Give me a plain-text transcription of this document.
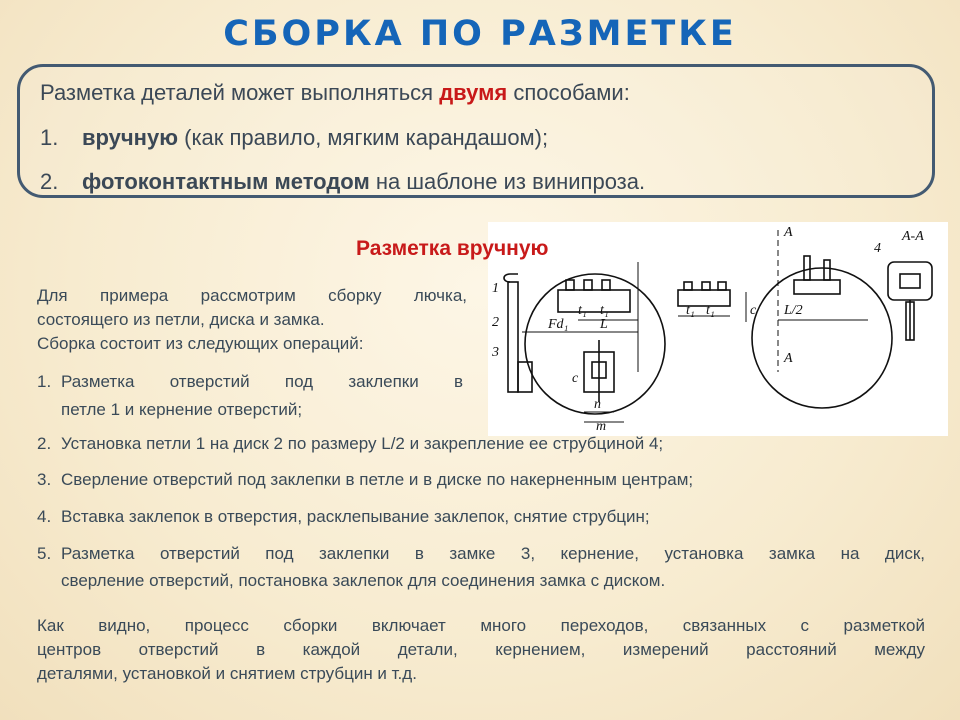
СБОРКА ПО РАЗМЕТКЕ
Разметка деталей может выполняться двумя способами:
1. вручную (как правило, мягким карандашом);
2. фотоконтактным методом на шаблоне из винипроза.
1
2
3
4
t₁ t₁	t₁ t₁
L
L/2
m
n
Fd₁
c
c
A
A
A-A
Разметка вручную
Для примера рассмотрим сборку лючка,
состоящего из петли, диска и замка.
Сборка состоит из следующих операций:
1. Разметка отверстий под заклепки в
петле 1 и кернение отверстий;
2. Установка петли 1 на диск 2 по размеру L/2 и закрепление ее струбциной 4;
3. Сверление отверстий под заклепки в петле и в диске по накерненным центрам;
4. Вставка заклепок в отверстия, расклепывание заклепок, снятие струбцин;
5. Разметка отверстий под заклепки в замке 3, кернение, установка замка на диск,
сверление отверстий, постановка заклепок для соединения замка с диском.
Как видно, процесс сборки включает много переходов, связанных с разметкой
центров отверстий в каждой детали, кернением, измерений расстояний между
деталями, установкой и снятием струбцин и т.д.
